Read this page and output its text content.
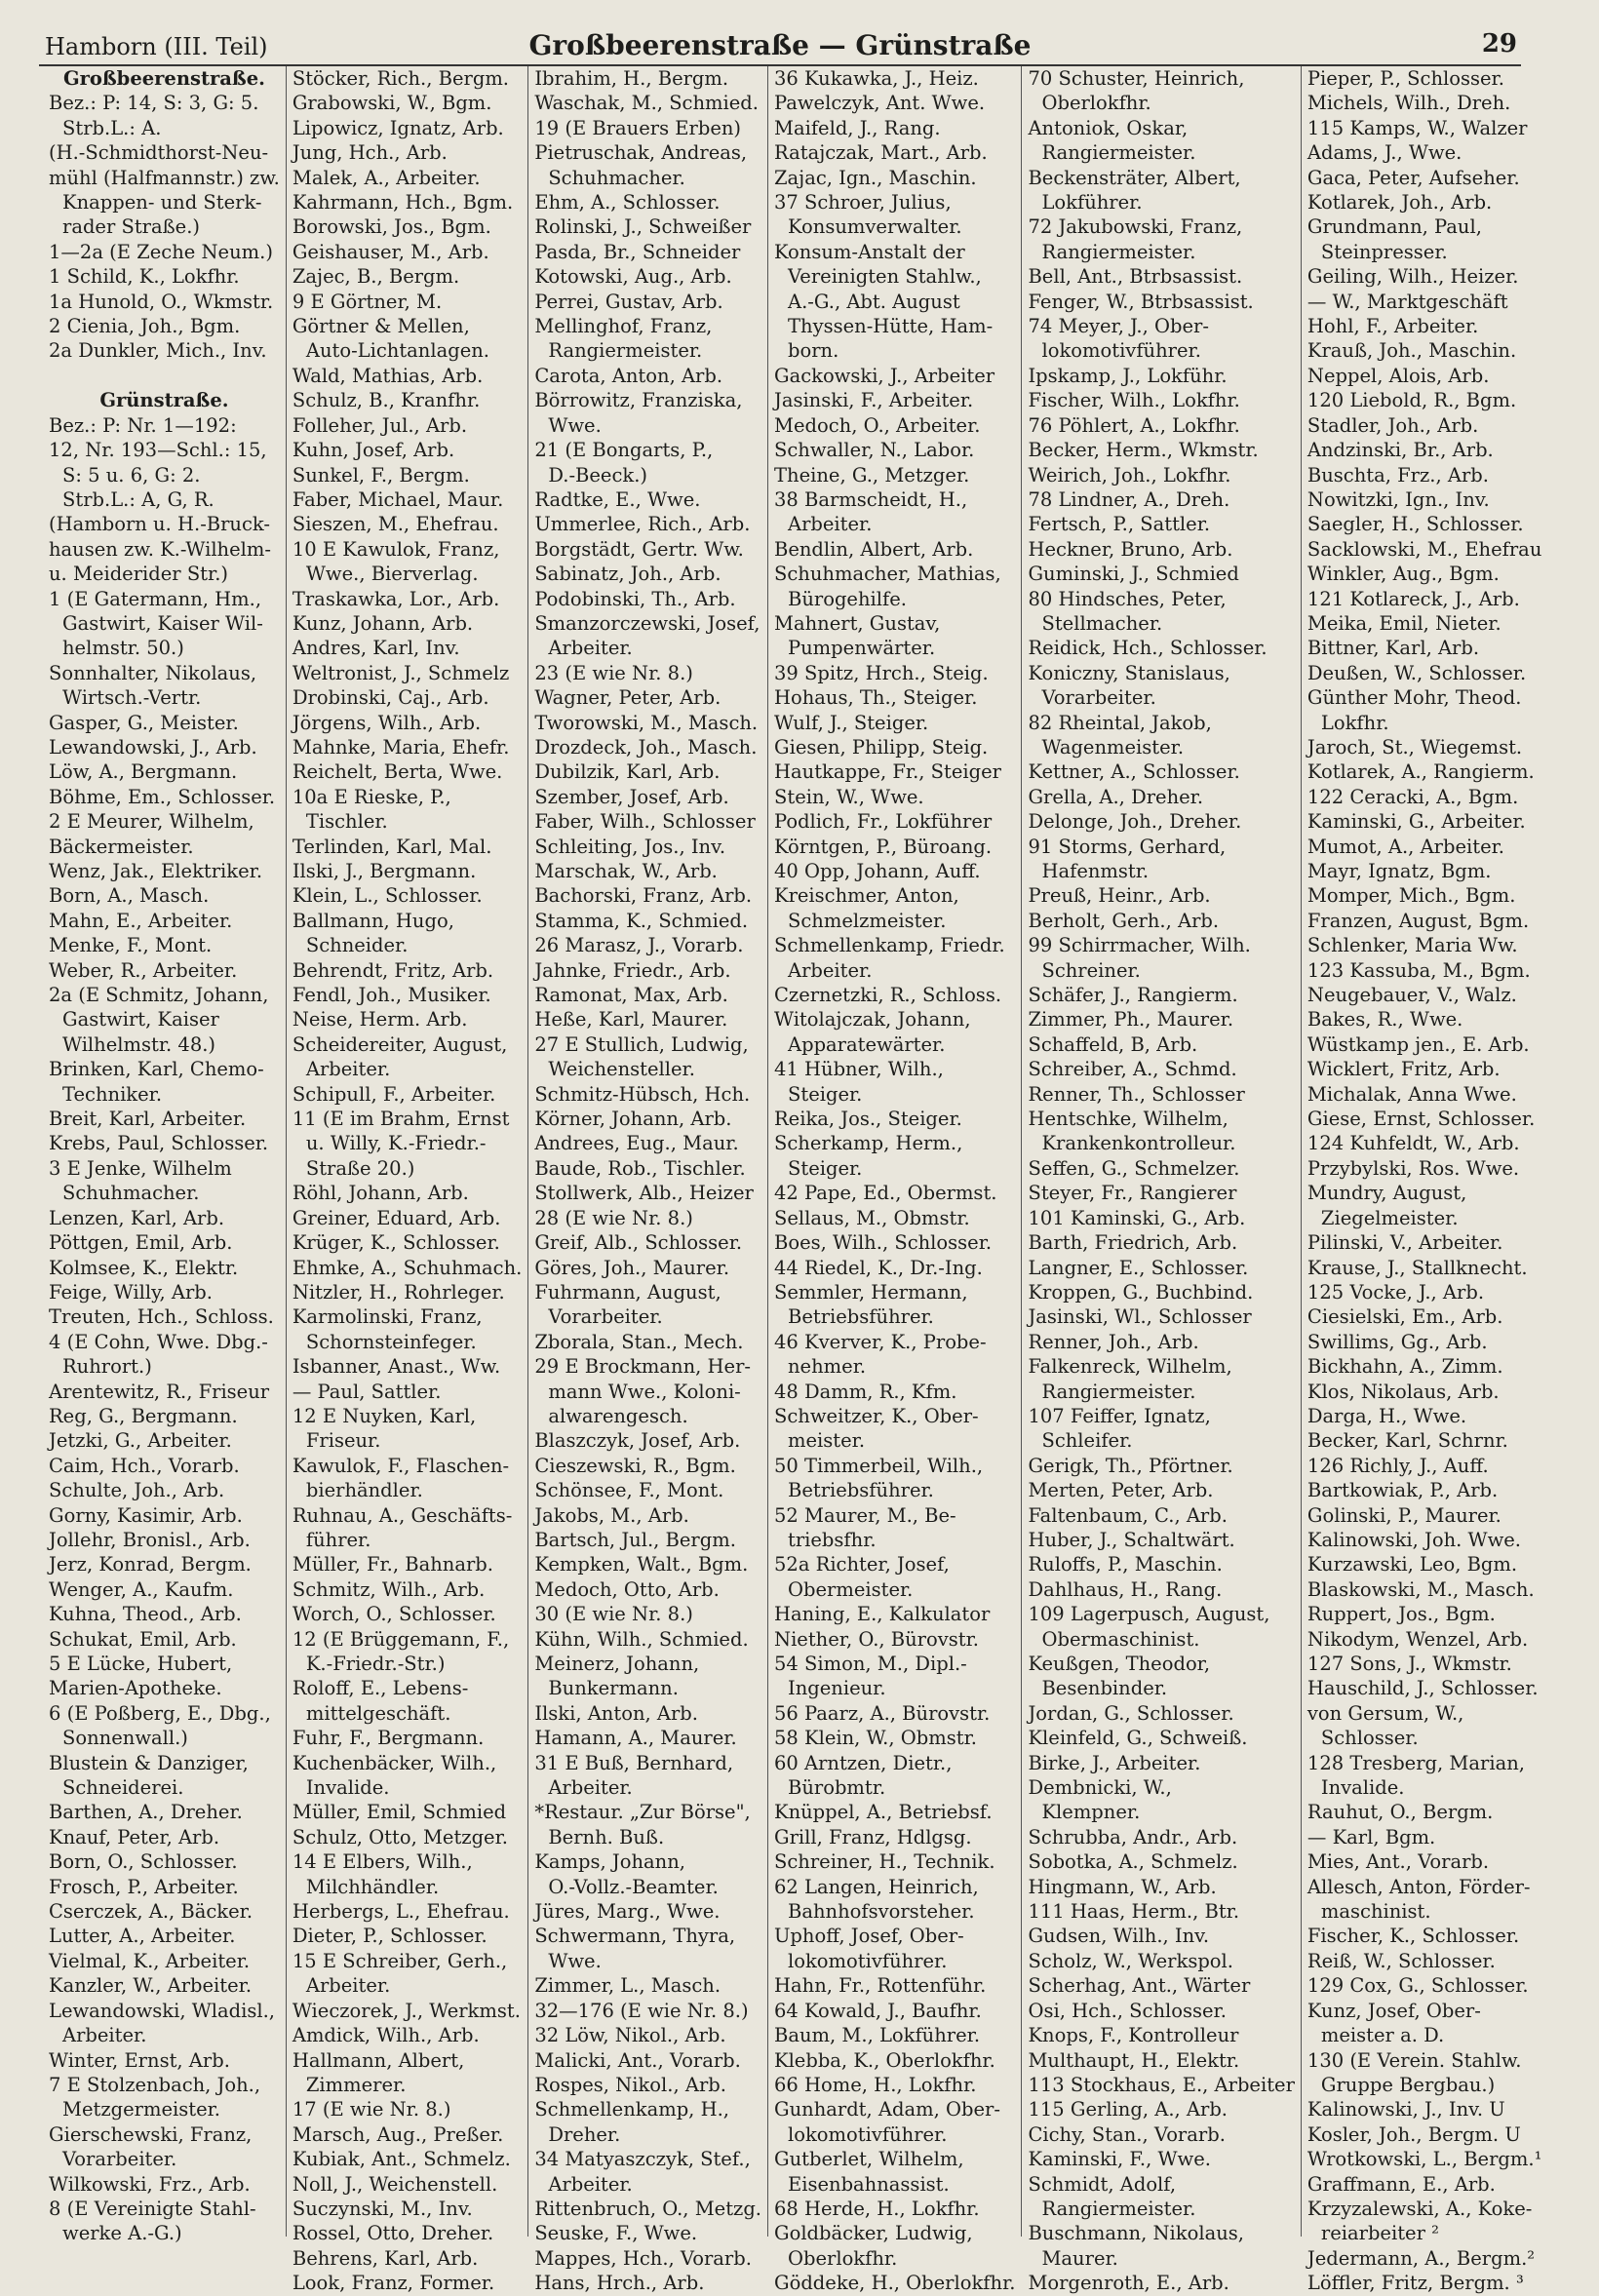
Hamborn (III. Teil)	Großbeerenstraße — Grünstraße	29
Großbeerenstraße.
Bez.: P: 14, S: 3, G: 5.
Strb.L.: A.
(H.-Schmidthorst-Neu-
mühl (Halfmannstr.) zw.
Knappen- und Sterk-
rader Straße.)
1—2a (E Zeche Neum.)
1 Schild, K., Lokfhr.
1a Hunold, O., Wkmstr.
2 Cienia, Joh., Bgm.
2a Dunkler, Mich., Inv.

Grünstraße.
Bez.: P: Nr. 1—192:
12, Nr. 193—Schl.: 15,
S: 5 u. 6, G: 2.
Strb.L.: A, G, R.
(Hamborn u. H.-Bruck-
hausen zw. K.-Wilhelm-
u. Meiderider Str.)
1 (E Gatermann, Hm.,
Gastwirt, Kaiser Wil-
helmstr. 50.)
Sonnhalter, Nikolaus,
Wirtsch.-Vertr.
Gasper, G., Meister.
Lewandowski, J., Arb.
Löw, A., Bergmann.
Böhme, Em., Schlosser.
2 E Meurer, Wilhelm,
Bäckermeister.
Wenz, Jak., Elektriker.
Born, A., Masch.
Mahn, E., Arbeiter.
Menke, F., Mont.
Weber, R., Arbeiter.
2a (E Schmitz, Johann,
Gastwirt, Kaiser
Wilhelmstr. 48.)
Brinken, Karl, Chemo-
Techniker.
Breit, Karl, Arbeiter.
Krebs, Paul, Schlosser.
3 E Jenke, Wilhelm
Schuhmacher.
Lenzen, Karl, Arb.
Pöttgen, Emil, Arb.
Kolmsee, K., Elektr.
Feige, Willy, Arb.
Treuten, Hch., Schloss.
4 (E Cohn, Wwe. Dbg.-
Ruhrort.)
Arentewitz, R., Friseur
Reg, G., Bergmann.
Jetzki, G., Arbeiter.
Caim, Hch., Vorarb.
Schulte, Joh., Arb.
Gorny, Kasimir, Arb.
Jollehr, Bronisl., Arb.
Jerz, Konrad, Bergm.
Wenger, A., Kaufm.
Kuhna, Theod., Arb.
Schukat, Emil, Arb.
5 E Lücke, Hubert,
Marien-Apotheke.
6 (E Poßberg, E., Dbg.,
Sonnenwall.)
Blustein & Danziger,
Schneiderei.
Barthen, A., Dreher.
Knauf, Peter, Arb.
Born, O., Schlosser.
Frosch, P., Arbeiter.
Cserczek, A., Bäcker.
Lutter, A., Arbeiter.
Vielmal, K., Arbeiter.
Kanzler, W., Arbeiter.
Lewandowski, Wladisl.,
Arbeiter.
Winter, Ernst, Arb.
7 E Stolzenbach, Joh.,
Metzgermeister.
Gierschewski, Franz,
Vorarbeiter.
Wilkowski, Frz., Arb.
8 (E Vereinigte Stahl-
werke A.-G.)
Stöcker, Rich., Bergm.
Grabowski, W., Bgm.
Lipowicz, Ignatz, Arb.
Jung, Hch., Arb.
Malek, A., Arbeiter.
Kahrmann, Hch., Bgm.
Borowski, Jos., Bgm.
Geishauser, M., Arb.
Zajec, B., Bergm.
9 E Görtner, M.
Görtner & Mellen,
Auto-Lichtanlagen.
Wald, Mathias, Arb.
Schulz, B., Kranfhr.
Folleher, Jul., Arb.
Kuhn, Josef, Arb.
Sunkel, F., Bergm.
Faber, Michael, Maur.
Sieszen, M., Ehefrau.
10 E Kawulok, Franz,
Wwe., Bierverlag.
Traskawka, Lor., Arb.
Kunz, Johann, Arb.
Andres, Karl, Inv.
Weltronist, J., Schmelz
Drobinski, Caj., Arb.
Jörgens, Wilh., Arb.
Mahnke, Maria, Ehefr.
Reichelt, Berta, Wwe.
10a E Rieske, P.,
Tischler.
Terlinden, Karl, Mal.
Ilski, J., Bergmann.
Klein, L., Schlosser.
Ballmann, Hugo,
Schneider.
Behrendt, Fritz, Arb.
Fendl, Joh., Musiker.
Neise, Herm. Arb.
Scheidereiter, August,
Arbeiter.
Schipull, F., Arbeiter.
11 (E im Brahm, Ernst
u. Willy, K.-Friedr.-
Straße 20.)
Röhl, Johann, Arb.
Greiner, Eduard, Arb.
Krüger, K., Schlosser.
Ehmke, A., Schuhmach.
Nitzler, H., Rohrleger.
Karmolinski, Franz,
Schornsteinfeger.
Isbanner, Anast., Ww.
— Paul, Sattler.
12 E Nuyken, Karl,
Friseur.
Kawulok, F., Flaschen-
bierhändler.
Ruhnau, A., Geschäfts-
führer.
Müller, Fr., Bahnarb.
Schmitz, Wilh., Arb.
Worch, O., Schlosser.
12 (E Brüggemann, F.,
K.-Friedr.-Str.)
Roloff, E., Lebens-
mittelgeschäft.
Fuhr, F., Bergmann.
Kuchenbäcker, Wilh.,
Invalide.
Müller, Emil, Schmied
Schulz, Otto, Metzger.
14 E Elbers, Wilh.,
Milchhändler.
Herbergs, L., Ehefrau.
Dieter, P., Schlosser.
15 E Schreiber, Gerh.,
Arbeiter.
Wieczorek, J., Werkmst.
Amdick, Wilh., Arb.
Hallmann, Albert,
Zimmerer.
17 (E wie Nr. 8.)
Marsch, Aug., Preßer.
Kubiak, Ant., Schmelz.
Noll, J., Weichenstell.
Suczynski, M., Inv.
Rossel, Otto, Dreher.
Behrens, Karl, Arb.
Look, Franz, Former.
Ibrahim, H., Bergm.
Waschak, M., Schmied.
19 (E Brauers Erben)
Pietruschak, Andreas,
Schuhmacher.
Ehm, A., Schlosser.
Rolinski, J., Schweißer
Pasda, Br., Schneider
Kotowski, Aug., Arb.
Perrei, Gustav, Arb.
Mellinghof, Franz,
Rangiermeister.
Carota, Anton, Arb.
Börrowitz, Franziska,
Wwe.
21 (E Bongarts, P.,
D.-Beeck.)
Radtke, E., Wwe.
Ummerlee, Rich., Arb.
Borgstädt, Gertr. Ww.
Sabinatz, Joh., Arb.
Podobinski, Th., Arb.
Smanzorczewski, Josef,
Arbeiter.
23 (E wie Nr. 8.)
Wagner, Peter, Arb.
Tworowski, M., Masch.
Drozdeck, Joh., Masch.
Dubilzik, Karl, Arb.
Szember, Josef, Arb.
Faber, Wilh., Schlosser
Schleiting, Jos., Inv.
Marschak, W., Arb.
Bachorski, Franz, Arb.
Stamma, K., Schmied.
26 Marasz, J., Vorarb.
Jahnke, Friedr., Arb.
Ramonat, Max, Arb.
Heße, Karl, Maurer.
27 E Stullich, Ludwig,
Weichensteller.
Schmitz-Hübsch, Hch.
Körner, Johann, Arb.
Andrees, Eug., Maur.
Baude, Rob., Tischler.
Stollwerk, Alb., Heizer
28 (E wie Nr. 8.)
Greif, Alb., Schlosser.
Göres, Joh., Maurer.
Fuhrmann, August,
Vorarbeiter.
Zborala, Stan., Mech.
29 E Brockmann, Her-
mann Wwe., Koloni-
alwarengesch.
Blaszczyk, Josef, Arb.
Cieszewski, R., Bgm.
Schönsee, F., Mont.
Jakobs, M., Arb.
Bartsch, Jul., Bergm.
Kempken, Walt., Bgm.
Medoch, Otto, Arb.
30 (E wie Nr. 8.)
Kühn, Wilh., Schmied.
Meinerz, Johann,
Bunkermann.
Ilski, Anton, Arb.
Hamann, A., Maurer.
31 E Buß, Bernhard,
Arbeiter.
*Restaur. „Zur Börse",
Bernh. Buß.
Kamps, Johann,
O.-Vollz.-Beamter.
Jüres, Marg., Wwe.
Schwermann, Thyra,
Wwe.
Zimmer, L., Masch.
32—176 (E wie Nr. 8.)
32 Löw, Nikol., Arb.
Malicki, Ant., Vorarb.
Rospes, Nikol., Arb.
Schmellenkamp, H.,
Dreher.
34 Matyaszczyk, Stef.,
Arbeiter.
Rittenbruch, O., Metzg.
Seuske, F., Wwe.
Mappes, Hch., Vorarb.
Hans, Hrch., Arb.
36 Kukawka, J., Heiz.
Pawelczyk, Ant. Wwe.
Maifeld, J., Rang.
Ratajczak, Mart., Arb.
Zajac, Ign., Maschin.
37 Schroer, Julius,
Konsumverwalter.
Konsum-Anstalt der
Vereinigten Stahlw.,
A.-G., Abt. August
Thyssen-Hütte, Ham-
born.
Gackowski, J., Arbeiter
Jasinski, F., Arbeiter.
Medoch, O., Arbeiter.
Schwaller, N., Labor.
Theine, G., Metzger.
38 Barmscheidt, H.,
Arbeiter.
Bendlin, Albert, Arb.
Schuhmacher, Mathias,
Bürogehilfe.
Mahnert, Gustav,
Pumpenwärter.
39 Spitz, Hrch., Steig.
Hohaus, Th., Steiger.
Wulf, J., Steiger.
Giesen, Philipp, Steig.
Hautkappe, Fr., Steiger
Stein, W., Wwe.
Podlich, Fr., Lokführer
Körntgen, P., Büroang.
40 Opp, Johann, Auff.
Kreischmer, Anton,
Schmelzmeister.
Schmellenkamp, Friedr.
Arbeiter.
Czernetzki, R., Schloss.
Witolajczak, Johann,
Apparatewärter.
41 Hübner, Wilh.,
Steiger.
Reika, Jos., Steiger.
Scherkamp, Herm.,
Steiger.
42 Pape, Ed., Obermst.
Sellaus, M., Obmstr.
Boes, Wilh., Schlosser.
44 Riedel, K., Dr.-Ing.
Semmler, Hermann,
Betriebsführer.
46 Kverver, K., Probe-
nehmer.
48 Damm, R., Kfm.
Schweitzer, K., Ober-
meister.
50 Timmerbeil, Wilh.,
Betriebsführer.
52 Maurer, M., Be-
triebsfhr.
52a Richter, Josef,
Obermeister.
Haning, E., Kalkulator
Niether, O., Bürovstr.
54 Simon, M., Dipl.-
Ingenieur.
56 Paarz, A., Bürovstr.
58 Klein, W., Obmstr.
60 Arntzen, Dietr.,
Bürobmtr.
Knüppel, A., Betriebsf.
Grill, Franz, Hdlgsg.
Schreiner, H., Technik.
62 Langen, Heinrich,
Bahnhofsvorsteher.
Uphoff, Josef, Ober-
lokomotivführer.
Hahn, Fr., Rottenführ.
64 Kowald, J., Baufhr.
Baum, M., Lokführer.
Klebba, K., Oberlokfhr.
66 Home, H., Lokfhr.
Gunhardt, Adam, Ober-
lokomotivführer.
Gutberlet, Wilhelm,
Eisenbahnassist.
68 Herde, H., Lokfhr.
Goldbäcker, Ludwig,
Oberlokfhr.
Göddeke, H., Oberlokfhr.
70 Schuster, Heinrich,
Oberlokfhr.
Antoniok, Oskar,
Rangiermeister.
Beckensträter, Albert,
Lokführer.
72 Jakubowski, Franz,
Rangiermeister.
Bell, Ant., Btrbsassist.
Fenger, W., Btrbsassist.
74 Meyer, J., Ober-
lokomotivführer.
Ipskamp, J., Lokführ.
Fischer, Wilh., Lokfhr.
76 Pöhlert, A., Lokfhr.
Becker, Herm., Wkmstr.
Weirich, Joh., Lokfhr.
78 Lindner, A., Dreh.
Fertsch, P., Sattler.
Heckner, Bruno, Arb.
Guminski, J., Schmied
80 Hindsches, Peter,
Stellmacher.
Reidick, Hch., Schlosser.
Koniczny, Stanislaus,
Vorarbeiter.
82 Rheintal, Jakob,
Wagenmeister.
Kettner, A., Schlosser.
Grella, A., Dreher.
Delonge, Joh., Dreher.
91 Storms, Gerhard,
Hafenmstr.
Preuß, Heinr., Arb.
Berholt, Gerh., Arb.
99 Schirrmacher, Wilh.
Schreiner.
Schäfer, J., Rangierm.
Zimmer, Ph., Maurer.
Schaffeld, B, Arb.
Schreiber, A., Schmd.
Renner, Th., Schlosser
Hentschke, Wilhelm,
Krankenkontrolleur.
Seffen, G., Schmelzer.
Steyer, Fr., Rangierer
101 Kaminski, G., Arb.
Barth, Friedrich, Arb.
Langner, E., Schlosser.
Kroppen, G., Buchbind.
Jasinski, Wl., Schlosser
Renner, Joh., Arb.
Falkenreck, Wilhelm,
Rangiermeister.
107 Feiffer, Ignatz,
Schleifer.
Gerigk, Th., Pförtner.
Merten, Peter, Arb.
Faltenbaum, C., Arb.
Huber, J., Schaltwärt.
Ruloffs, P., Maschin.
Dahlhaus, H., Rang.
109 Lagerpusch, August,
Obermaschinist.
Keußgen, Theodor,
Besenbinder.
Jordan, G., Schlosser.
Kleinfeld, G., Schweiß.
Birke, J., Arbeiter.
Dembnicki, W.,
Klempner.
Schrubba, Andr., Arb.
Sobotka, A., Schmelz.
Hingmann, W., Arb.
111 Haas, Herm., Btr.
Gudsen, Wilh., Inv.
Scholz, W., Werkspol.
Scherhag, Ant., Wärter
Osi, Hch., Schlosser.
Knops, F., Kontrolleur
Multhaupt, H., Elektr.
113 Stockhaus, E., Arbeiter
115 Gerling, A., Arb.
Cichy, Stan., Vorarb.
Kaminski, F., Wwe.
Schmidt, Adolf,
Rangiermeister.
Buschmann, Nikolaus,
Maurer.
Morgenroth, E., Arb.
Pieper, P., Schlosser.
Michels, Wilh., Dreh.
115 Kamps, W., Walzer
Adams, J., Wwe.
Gaca, Peter, Aufseher.
Kotlarek, Joh., Arb.
Grundmann, Paul,
Steinpresser.
Geiling, Wilh., Heizer.
— W., Marktgeschäft
Hohl, F., Arbeiter.
Krauß, Joh., Maschin.
Neppel, Alois, Arb.
120 Liebold, R., Bgm.
Stadler, Joh., Arb.
Andzinski, Br., Arb.
Buschta, Frz., Arb.
Nowitzki, Ign., Inv.
Saegler, H., Schlosser.
Sacklowski, M., Ehefrau
Winkler, Aug., Bgm.
121 Kotlareck, J., Arb.
Meika, Emil, Nieter.
Bittner, Karl, Arb.
Deußen, W., Schlosser.
Günther Mohr, Theod.
Lokfhr.
Jaroch, St., Wiegemst.
Kotlarek, A., Rangierm.
122 Ceracki, A., Bgm.
Kaminski, G., Arbeiter.
Mumot, A., Arbeiter.
Mayr, Ignatz, Bgm.
Momper, Mich., Bgm.
Franzen, August, Bgm.
Schlenker, Maria Ww.
123 Kassuba, M., Bgm.
Neugebauer, V., Walz.
Bakes, R., Wwe.
Wüstkamp jen., E. Arb.
Wicklert, Fritz, Arb.
Michalak, Anna Wwe.
Giese, Ernst, Schlosser.
124 Kuhfeldt, W., Arb.
Przybylski, Ros. Wwe.
Mundry, August,
Ziegelmeister.
Pilinski, V., Arbeiter.
Krause, J., Stallknecht.
125 Vocke, J., Arb.
Ciesielski, Em., Arb.
Swillims, Gg., Arb.
Bickhahn, A., Zimm.
Klos, Nikolaus, Arb.
Darga, H., Wwe.
Becker, Karl, Schrnr.
126 Richly, J., Auff.
Bartkowiak, P., Arb.
Golinski, P., Maurer.
Kalinowski, Joh. Wwe.
Kurzawski, Leo, Bgm.
Blaskowski, M., Masch.
Ruppert, Jos., Bgm.
Nikodym, Wenzel, Arb.
127 Sons, J., Wkmstr.
Hauschild, J., Schlosser.
von Gersum, W.,
Schlosser.
128 Tresberg, Marian,
Invalide.
Rauhut, O., Bergm.
— Karl, Bgm.
Mies, Ant., Vorarb.
Allesch, Anton, Förder-
maschinist.
Fischer, K., Schlosser.
Reiß, W., Schlosser.
129 Cox, G., Schlosser.
Kunz, Josef, Ober-
meister a. D.
130 (E Verein. Stahlw.
Gruppe Bergbau.)
Kalinowski, J., Inv. U
Kosler, Joh., Bergm. U
Wrotkowski, L., Bergm.¹
Graffmann, E., Arb.
Krzyzalewski, A., Koke-
reiarbeiter ²
Jedermann, A., Bergm.²
Löffler, Fritz, Bergm. ³
